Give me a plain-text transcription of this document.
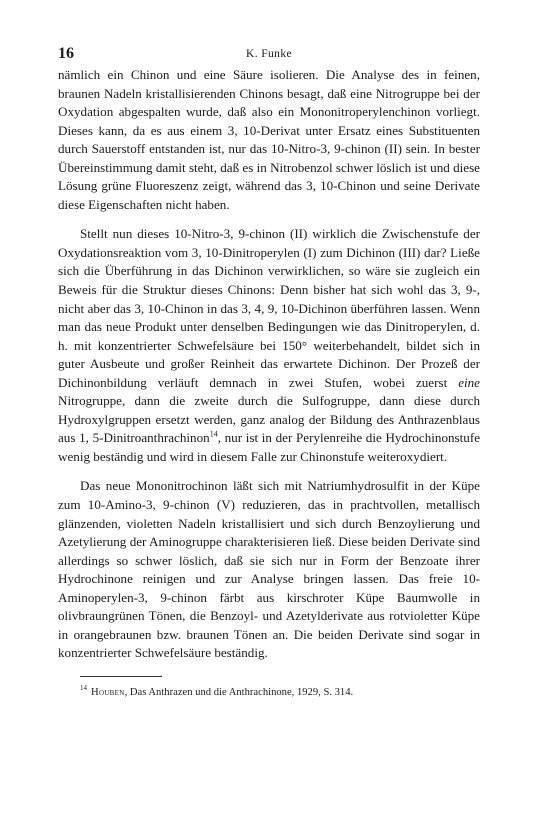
16	K. Funke

nämlich ein Chinon und eine Säure isolieren. Die Analyse des in feinen, braunen Nadeln kristallisierenden Chinons besagt, daß eine Nitrogruppe bei der Oxydation abgespalten wurde, daß also ein Mononitroperylenchinon vorliegt. Dieses kann, da es aus einem 3, 10-Derivat unter Ersatz eines Substituenten durch Sauerstoff entstanden ist, nur das 10-Nitro-3, 9-chinon (II) sein. In bester Übereinstimmung damit steht, daß es in Nitrobenzol schwer löslich ist und diese Lösung grüne Fluoreszenz zeigt, während das 3, 10-Chinon und seine Derivate diese Eigenschaften nicht haben.

Stellt nun dieses 10-Nitro-3, 9-chinon (II) wirklich die Zwischenstufe der Oxydationsreaktion vom 3, 10-Dinitroperylen (I) zum Dichinon (III) dar? Ließe sich die Überführung in das Dichinon verwirklichen, so wäre sie zugleich ein Beweis für die Struktur dieses Chinons: Denn bisher hat sich wohl das 3, 9-, nicht aber das 3, 10-Chinon in das 3, 4, 9, 10-Dichinon überführen lassen. Wenn man das neue Produkt unter denselben Bedingungen wie das Dinitroperylen, d. h. mit konzentrierter Schwefelsäure bei 150° weiterbehandelt, bildet sich in guter Ausbeute und großer Reinheit das erwartete Dichinon. Der Prozeß der Dichinonbildung verläuft demnach in zwei Stufen, wobei zuerst eine Nitrogruppe, dann die zweite durch die Sulfogruppe, dann diese durch Hydroxylgruppen ersetzt werden, ganz analog der Bildung des Anthrazenblaus aus 1, 5-Dinitroanthrachinon$^{14}$, nur ist in der Perylenreihe die Hydrochinonstufe wenig beständig und wird in diesem Falle zur Chinonstufe weiteroxydiert.

Das neue Mononitrochinon läßt sich mit Natriumhydrosulfit in der Küpe zum 10-Amino-3, 9-chinon (V) reduzieren, das in prachtvollen, metallisch glänzenden, violetten Nadeln kristallisiert und sich durch Benzoylierung und Azetylierung der Aminogruppe charakterisieren ließ. Diese beiden Derivate sind allerdings so schwer löslich, daß sie sich nur in Form der Benzoate ihrer Hydrochinone reinigen und zur Analyse bringen lassen. Das freie 10-Aminoperylen-3, 9-chinon färbt aus kirschroter Küpe Baumwolle in olivbraungrünen Tönen, die Benzoyl- und Azetylderivate aus rotvioletter Küpe in orangebraunen bzw. braunen Tönen an. Die beiden Derivate sind sogar in konzentrierter Schwefelsäure beständig.

$^{14}$ Houben, Das Anthrazen und die Anthrachinone, 1929, S. 314.
